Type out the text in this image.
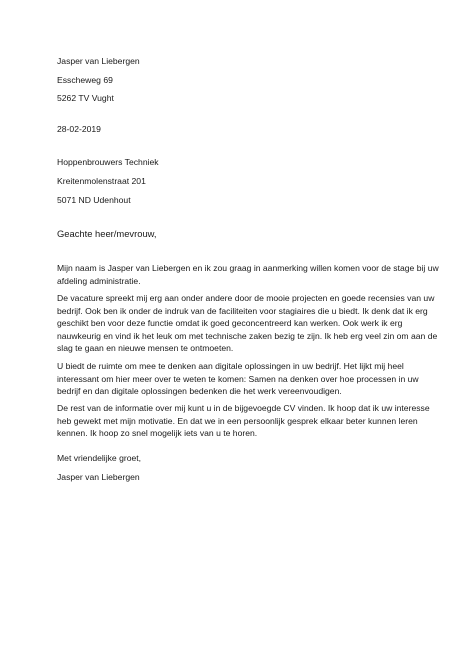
Jasper van Liebergen
Esscheweg 69
5262 TV Vught
28-02-2019
Hoppenbrouwers Techniek
Kreitenmolenstraat 201
5071 ND Udenhout
Geachte heer/mevrouw,
Mijn naam is Jasper van Liebergen en ik zou graag in aanmerking willen komen voor de stage bij uw
afdeling administratie.
De vacature spreekt mij erg aan onder andere door de mooie projecten en goede recensies van uw
bedrijf. Ook ben ik onder de indruk van de faciliteiten voor stagiaires die u biedt. Ik denk dat ik erg
geschikt ben voor deze functie omdat ik goed geconcentreerd kan werken. Ook werk ik erg
nauwkeurig en vind ik het leuk om met technische zaken bezig te zijn. Ik heb erg veel zin om aan de
slag te gaan en nieuwe mensen te ontmoeten.
U biedt de ruimte om mee te denken aan digitale oplossingen in uw bedrijf. Het lijkt mij heel
interessant om hier meer over te weten te komen: Samen na denken over hoe processen in uw
bedrijf en dan digitale oplossingen bedenken die het werk vereenvoudigen.
De rest van de informatie over mij kunt u in de bijgevoegde CV vinden. Ik hoop dat ik uw interesse
heb gewekt met mijn motivatie. En dat we in een persoonlijk gesprek elkaar beter kunnen leren
kennen. Ik hoop zo snel mogelijk iets van u te horen.
Met vriendelijke groet,
Jasper van Liebergen
